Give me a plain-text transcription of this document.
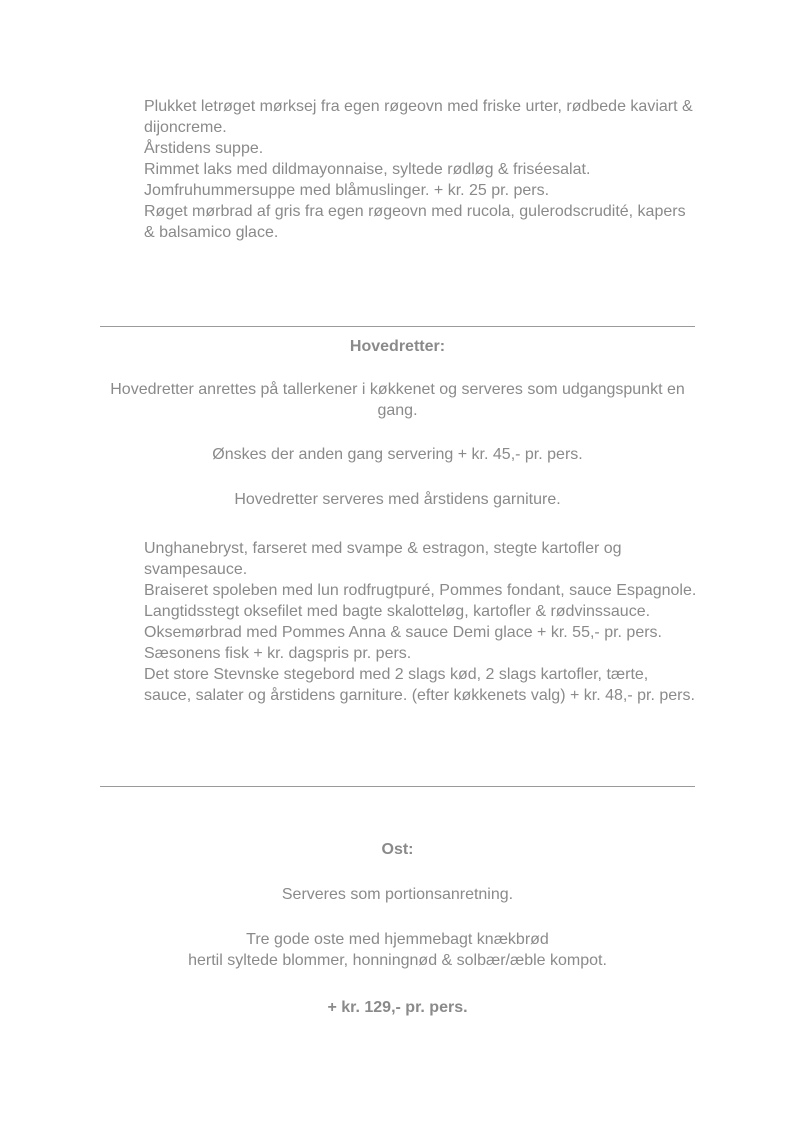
Plukket letrøget mørksej fra egen røgeovn med friske urter, rødbede kaviart & dijoncreme.

Årstidens suppe.

Rimmet laks med dildmayonnaise, syltede rødløg & friséesalat.

Jomfruhummersuppe med blåmuslinger. + kr. 25 pr. pers.

Røget mørbrad af gris fra egen røgeovn med rucola, gulerodscrudité, kapers & balsamico glace.

Hovedretter:

Hovedretter anrettes på tallerkener i køkkenet og serveres som udgangspunkt en gang.

Ønskes der anden gang servering + kr. 45,- pr. pers.

Hovedretter serveres med årstidens garniture.

Unghanebryst, farseret med svampe & estragon, stegte kartofler og svampesauce.

Braiseret spoleben med lun rodfrugtpuré, Pommes fondant, sauce Espagnole.

Langtidsstegt oksefilet med bagte skalotteløg, kartofler & rødvinssauce.

Oksemørbrad med Pommes Anna & sauce Demi glace + kr. 55,- pr. pers.

Sæsonens fisk + kr. dagspris pr. pers.

Det store Stevnske stegebord med 2 slags kød, 2 slags kartofler, tærte, sauce, salater og årstidens garniture. (efter køkkenets valg) + kr. 48,- pr. pers.

Ost:

Serveres som portionsanretning.

Tre gode oste med hjemmebagt knækbrød
hertil syltede blommer, honningnød & solbær/æble kompot.

+ kr. 129,- pr. pers.
